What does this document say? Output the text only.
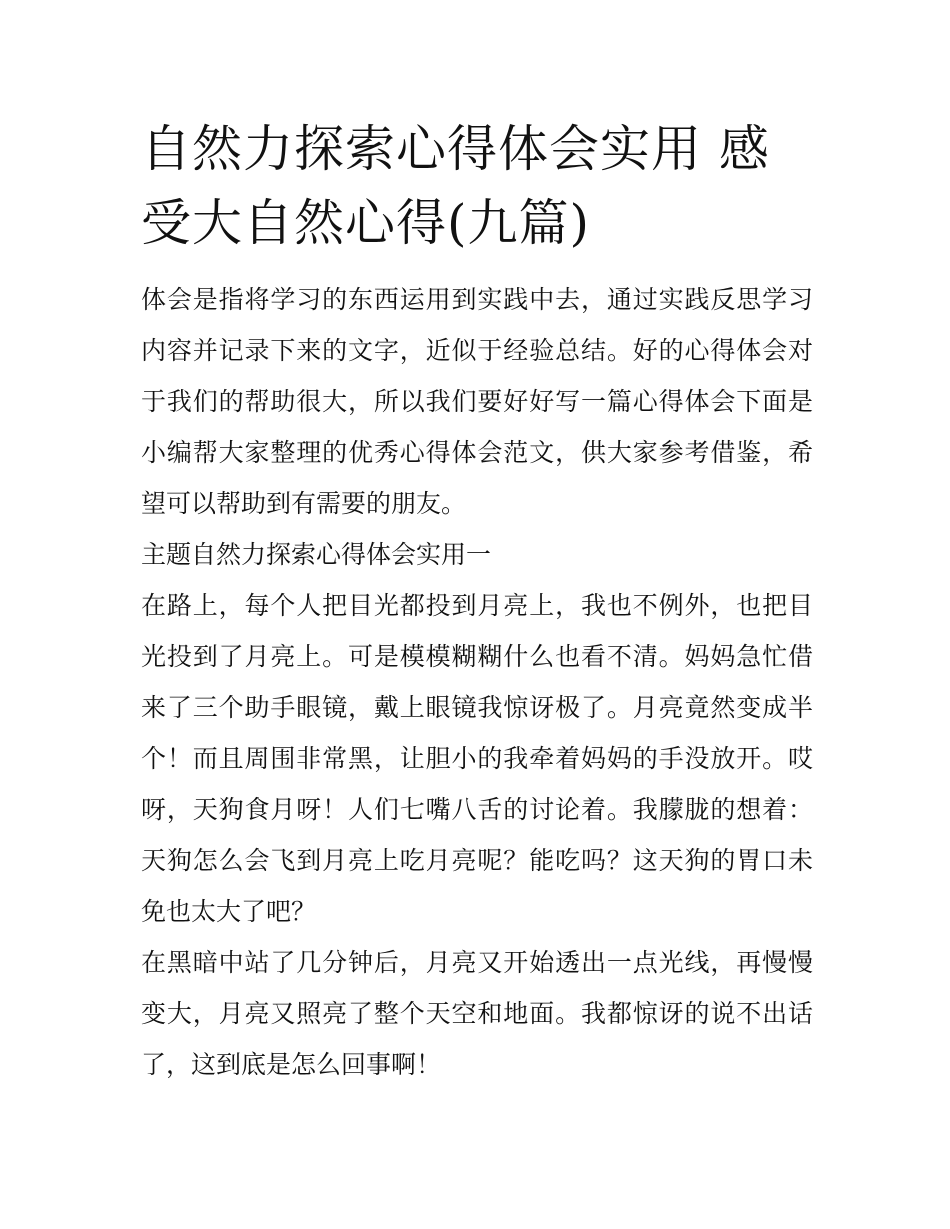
自然力探索心得体会实用 感受大自然心得(九篇)

体会是指将学习的东西运用到实践中去，通过实践反思学习内容并记录下来的文字，近似于经验总结。好的心得体会对于我们的帮助很大，所以我们要好好写一篇心得体会下面是小编帮大家整理的优秀心得体会范文，供大家参考借鉴，希望可以帮助到有需要的朋友。

主题自然力探索心得体会实用一

在路上，每个人把目光都投到月亮上，我也不例外，也把目光投到了月亮上。可是模模糊糊什么也看不清。妈妈急忙借来了三个助手眼镜，戴上眼镜我惊讶极了。月亮竟然变成半个！而且周围非常黑，让胆小的我牵着妈妈的手没放开。哎呀，天狗食月呀！人们七嘴八舌的讨论着。我朦胧的想着：天狗怎么会飞到月亮上吃月亮呢？能吃吗？这天狗的胃口未免也太大了吧？

在黑暗中站了几分钟后，月亮又开始透出一点光线，再慢慢变大，月亮又照亮了整个天空和地面。我都惊讶的说不出话了，这到底是怎么回事啊！
